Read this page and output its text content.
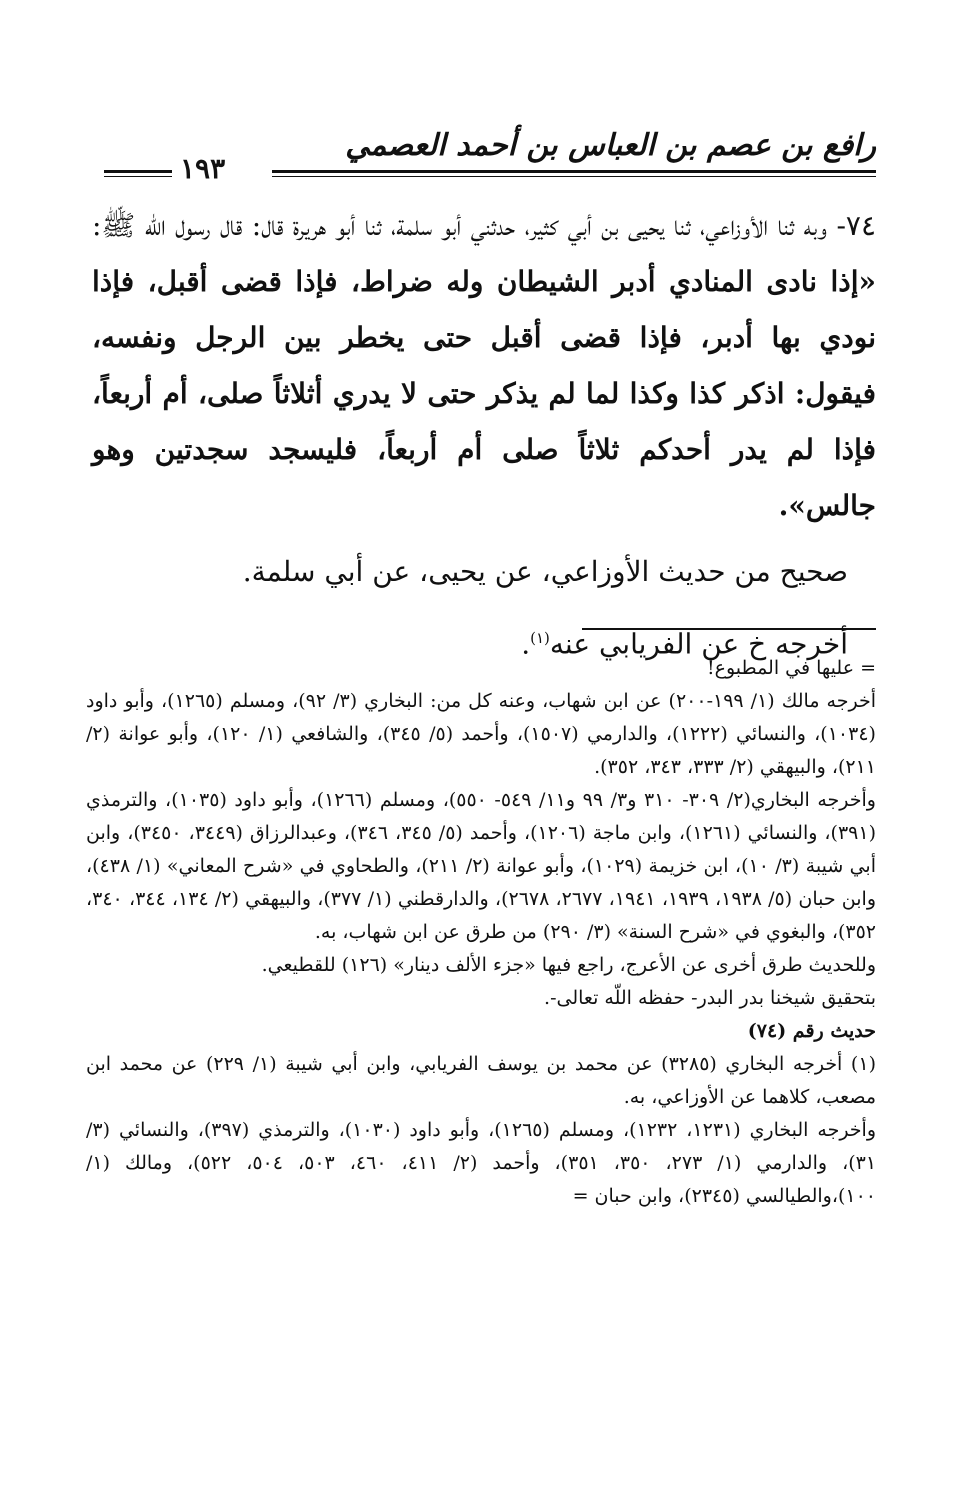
رافع بن عصم بن العباس بن أحمد العصمي
١٩٣

٧٤- وبه ثنا الأوزاعي، ثنا يحيى بن أبي كثير، حدثني أبو سلمة، ثنا أبو هريرة قال: قال رسول اللّه ﷺ: «إذا نادى المنادي أدبر الشيطان وله ضراط، فإذا قضى أقبل، فإذا نودي بها أدبر، فإذا قضى أقبل حتى يخطر بين الرجل ونفسه، فيقول: اذكر كذا وكذا لما لم يذكر حتى لا يدري أثلاثاً صلى، أم أربعاً، فإذا لم يدر أحدكم ثلاثاً صلى أم أربعاً، فليسجد سجدتين وهو جالس».

صحيح من حديث الأوزاعي، عن يحيى، عن أبي سلمة.

أخرجه خ عن الفريابي عنه$^{(١)}$.

= عليها في المطبوع!

أخرجه مالك (١/ ١٩٩-٢٠٠) عن ابن شهاب، وعنه كل من: البخاري (٣/ ٩٢)، ومسلم (١٢٦٥)، وأبو داود (١٠٣٤)، والنسائي (١٢٢٢)، والدارمي (١٥٠٧)، وأحمد (٥/ ٣٤٥)، والشافعي (١/ ١٢٠)، وأبو عوانة (٢/ ٢١١)، والبيهقي (٢/ ٣٣٣، ٣٤٣، ٣٥٢).

وأخرجه البخاري(٢/ ٣٠٩- ٣١٠ و٣/ ٩٩ و١١/ ٥٤٩- ٥٥٠)، ومسلم (١٢٦٦)، وأبو داود (١٠٣٥)، والترمذي (٣٩١)، والنسائي (١٢٦١)، وابن ماجة (١٢٠٦)، وأحمد (٥/ ٣٤٥، ٣٤٦)، وعبدالرزاق (٣٤٤٩، ٣٤٥٠)، وابن أبي شيبة (٣/ ١٠)، ابن خزيمة (١٠٢٩)، وأبو عوانة (٢/ ٢١١)، والطحاوي في «شرح المعاني» (١/ ٤٣٨)، وابن حبان (٥/ ١٩٣٨، ١٩٣٩، ١٩٤١، ٢٦٧٧، ٢٦٧٨)، والدارقطني (١/ ٣٧٧)، والبيهقي (٢/ ١٣٤، ٣٤٤، ٣٤٠، ٣٥٢)، والبغوي في «شرح السنة» (٣/ ٢٩٠) من طرق عن ابن شهاب، به.

وللحديث طرق أخرى عن الأعرج، راجع فيها «جزء الألف دينار» (١٢٦) للقطيعي.

بتحقيق شيخنا بدر البدر- حفظه اللّه تعالى-.

حديث رقم (٧٤)

(١) أخرجه البخاري (٣٢٨٥) عن محمد بن يوسف الفريابي، وابن أبي شيبة (١/ ٢٢٩) عن محمد ابن مصعب، كلاهما عن الأوزاعي، به.

وأخرجه البخاري (١٢٣١، ١٢٣٢)، ومسلم (١٢٦٥)، وأبو داود (١٠٣٠)، والترمذي (٣٩٧)، والنسائي (٣/ ٣١)، والدارمي (١/ ٢٧٣، ٣٥٠، ٣٥١)، وأحمد (٢/ ٤١١، ٤٦٠، ٥٠٣، ٥٠٤، ٥٢٢)، ومالك (١/ ١٠٠)،والطيالسي (٢٣٤٥)، وابن حبان =
